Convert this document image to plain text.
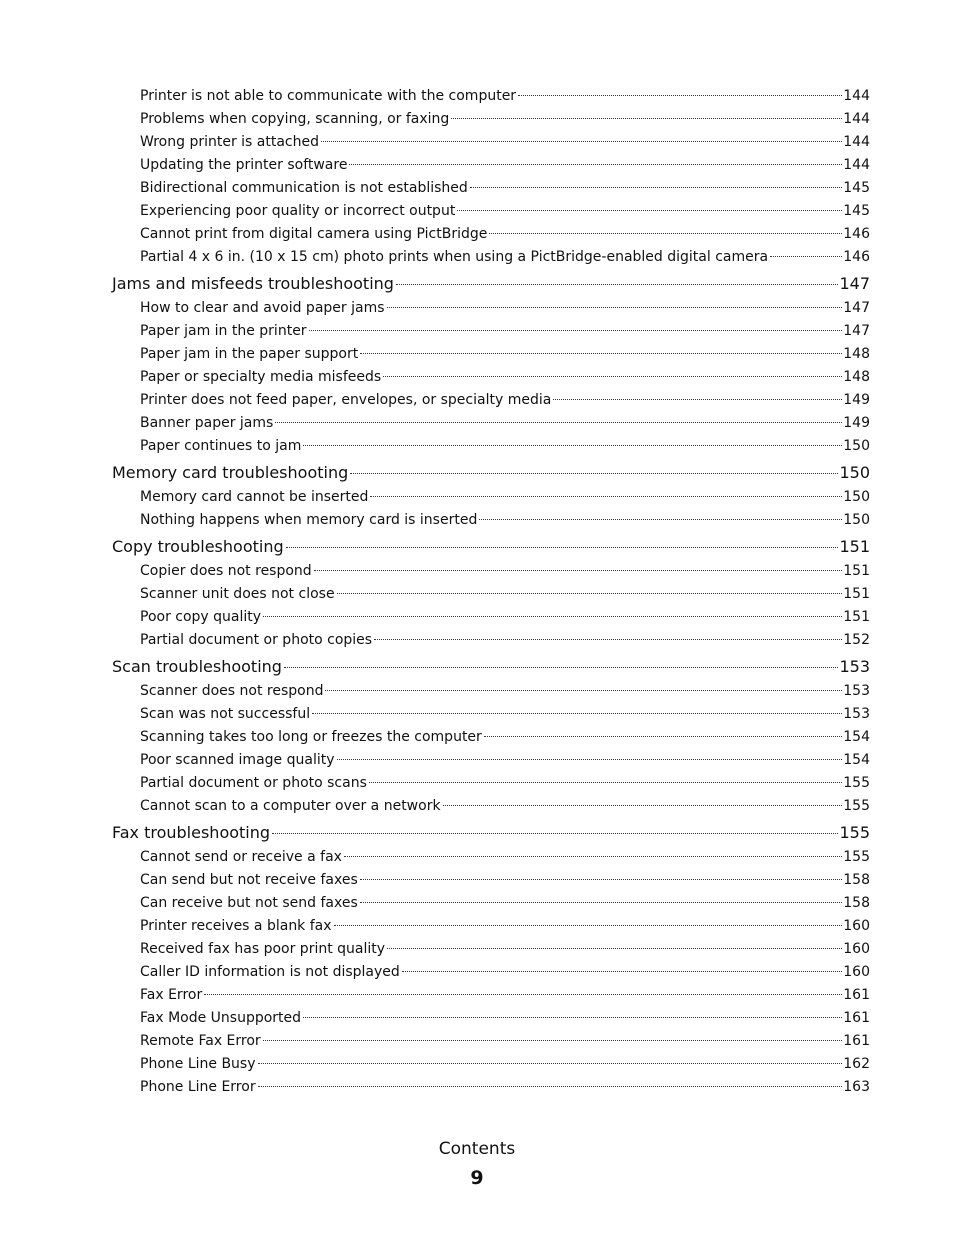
Printer is not able to communicate with the computer	144
Problems when copying, scanning, or faxing	144
Wrong printer is attached	144
Updating the printer software	144
Bidirectional communication is not established	145
Experiencing poor quality or incorrect output	145
Cannot print from digital camera using PictBridge	146
Partial 4 x 6 in. (10 x 15 cm) photo prints when using a PictBridge-enabled digital camera	146
Jams and misfeeds troubleshooting	147
How to clear and avoid paper jams	147
Paper jam in the printer	147
Paper jam in the paper support	148
Paper or specialty media misfeeds	148
Printer does not feed paper, envelopes, or specialty media	149
Banner paper jams	149
Paper continues to jam	150
Memory card troubleshooting	150
Memory card cannot be inserted	150
Nothing happens when memory card is inserted	150
Copy troubleshooting	151
Copier does not respond	151
Scanner unit does not close	151
Poor copy quality	151
Partial document or photo copies	152
Scan troubleshooting	153
Scanner does not respond	153
Scan was not successful	153
Scanning takes too long or freezes the computer	154
Poor scanned image quality	154
Partial document or photo scans	155
Cannot scan to a computer over a network	155
Fax troubleshooting	155
Cannot send or receive a fax	155
Can send but not receive faxes	158
Can receive but not send faxes	158
Printer receives a blank fax	160
Received fax has poor print quality	160
Caller ID information is not displayed	160
Fax Error	161
Fax Mode Unsupported	161
Remote Fax Error	161
Phone Line Busy	162
Phone Line Error	163
Contents
9
